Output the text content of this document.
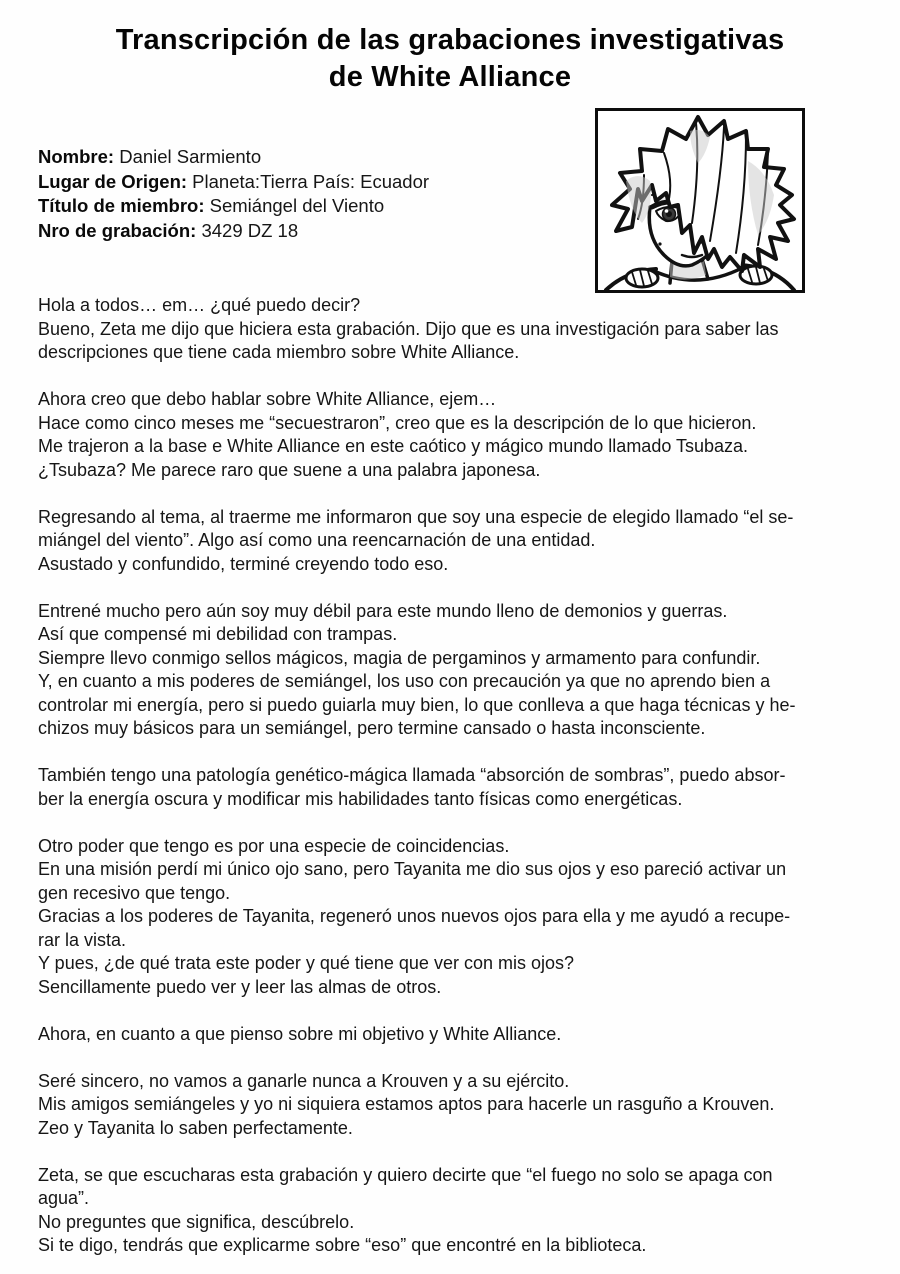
Transcripción de las grabaciones investigativas
de White Alliance
Nombre: Daniel Sarmiento
Lugar de Origen: Planeta:Tierra País: Ecuador
Título de miembro: Semiángel del Viento
Nro de grabación: 3429 DZ 18
Hola a todos… em… ¿qué puedo decir?
Bueno, Zeta me dijo que hiciera esta grabación. Dijo que es una investigación para saber las
descripciones que tiene cada miembro sobre White Alliance.
Ahora creo que debo hablar sobre White Alliance, ejem…
Hace como cinco meses me “secuestraron”, creo que es la descripción de lo que hicieron.
Me trajeron a la base e White Alliance en este caótico y mágico mundo llamado Tsubaza.
¿Tsubaza? Me parece raro que suene a una palabra japonesa.
Regresando al tema, al traerme me informaron que soy una especie de elegido llamado “el se-
miángel del viento”. Algo así como una reencarnación de una entidad.
Asustado y confundido, terminé creyendo todo eso.
Entrené mucho pero aún soy muy débil para este mundo lleno de demonios y guerras.
Así que compensé mi debilidad con trampas.
Siempre llevo conmigo sellos mágicos, magia de pergaminos y armamento para confundir.
Y, en cuanto a mis poderes de semiángel, los uso con precaución ya que no aprendo bien a
controlar mi energía, pero si puedo guiarla muy bien, lo que conlleva a que haga técnicas y he-
chizos muy básicos para un semiángel, pero termine cansado o hasta inconsciente.
También tengo una patología genético-mágica llamada “absorción de sombras”, puedo absor-
ber la energía oscura y modificar mis habilidades tanto físicas como energéticas.
Otro poder que tengo es por una especie de coincidencias.
En una misión perdí mi único ojo sano, pero Tayanita me dio sus ojos y eso pareció activar un
gen recesivo que tengo.
Gracias a los poderes de Tayanita, regeneró unos nuevos ojos para ella y me ayudó a recupe-
rar la vista.
Y pues, ¿de qué trata este poder y qué tiene que ver con mis ojos?
Sencillamente puedo ver y leer las almas de otros.
Ahora, en cuanto a que pienso sobre mi objetivo y White Alliance.
Seré sincero, no vamos a ganarle nunca a Krouven y a su ejército.
Mis amigos semiángeles y yo ni siquiera estamos aptos para hacerle un rasguño a Krouven.
Zeo y Tayanita lo saben perfectamente.
Zeta, se que escucharas esta grabación y quiero decirte que “el fuego no solo se apaga con
agua”.
No preguntes que significa, descúbrelo.
Si te digo, tendrás que explicarme sobre “eso” que encontré en la biblioteca.
